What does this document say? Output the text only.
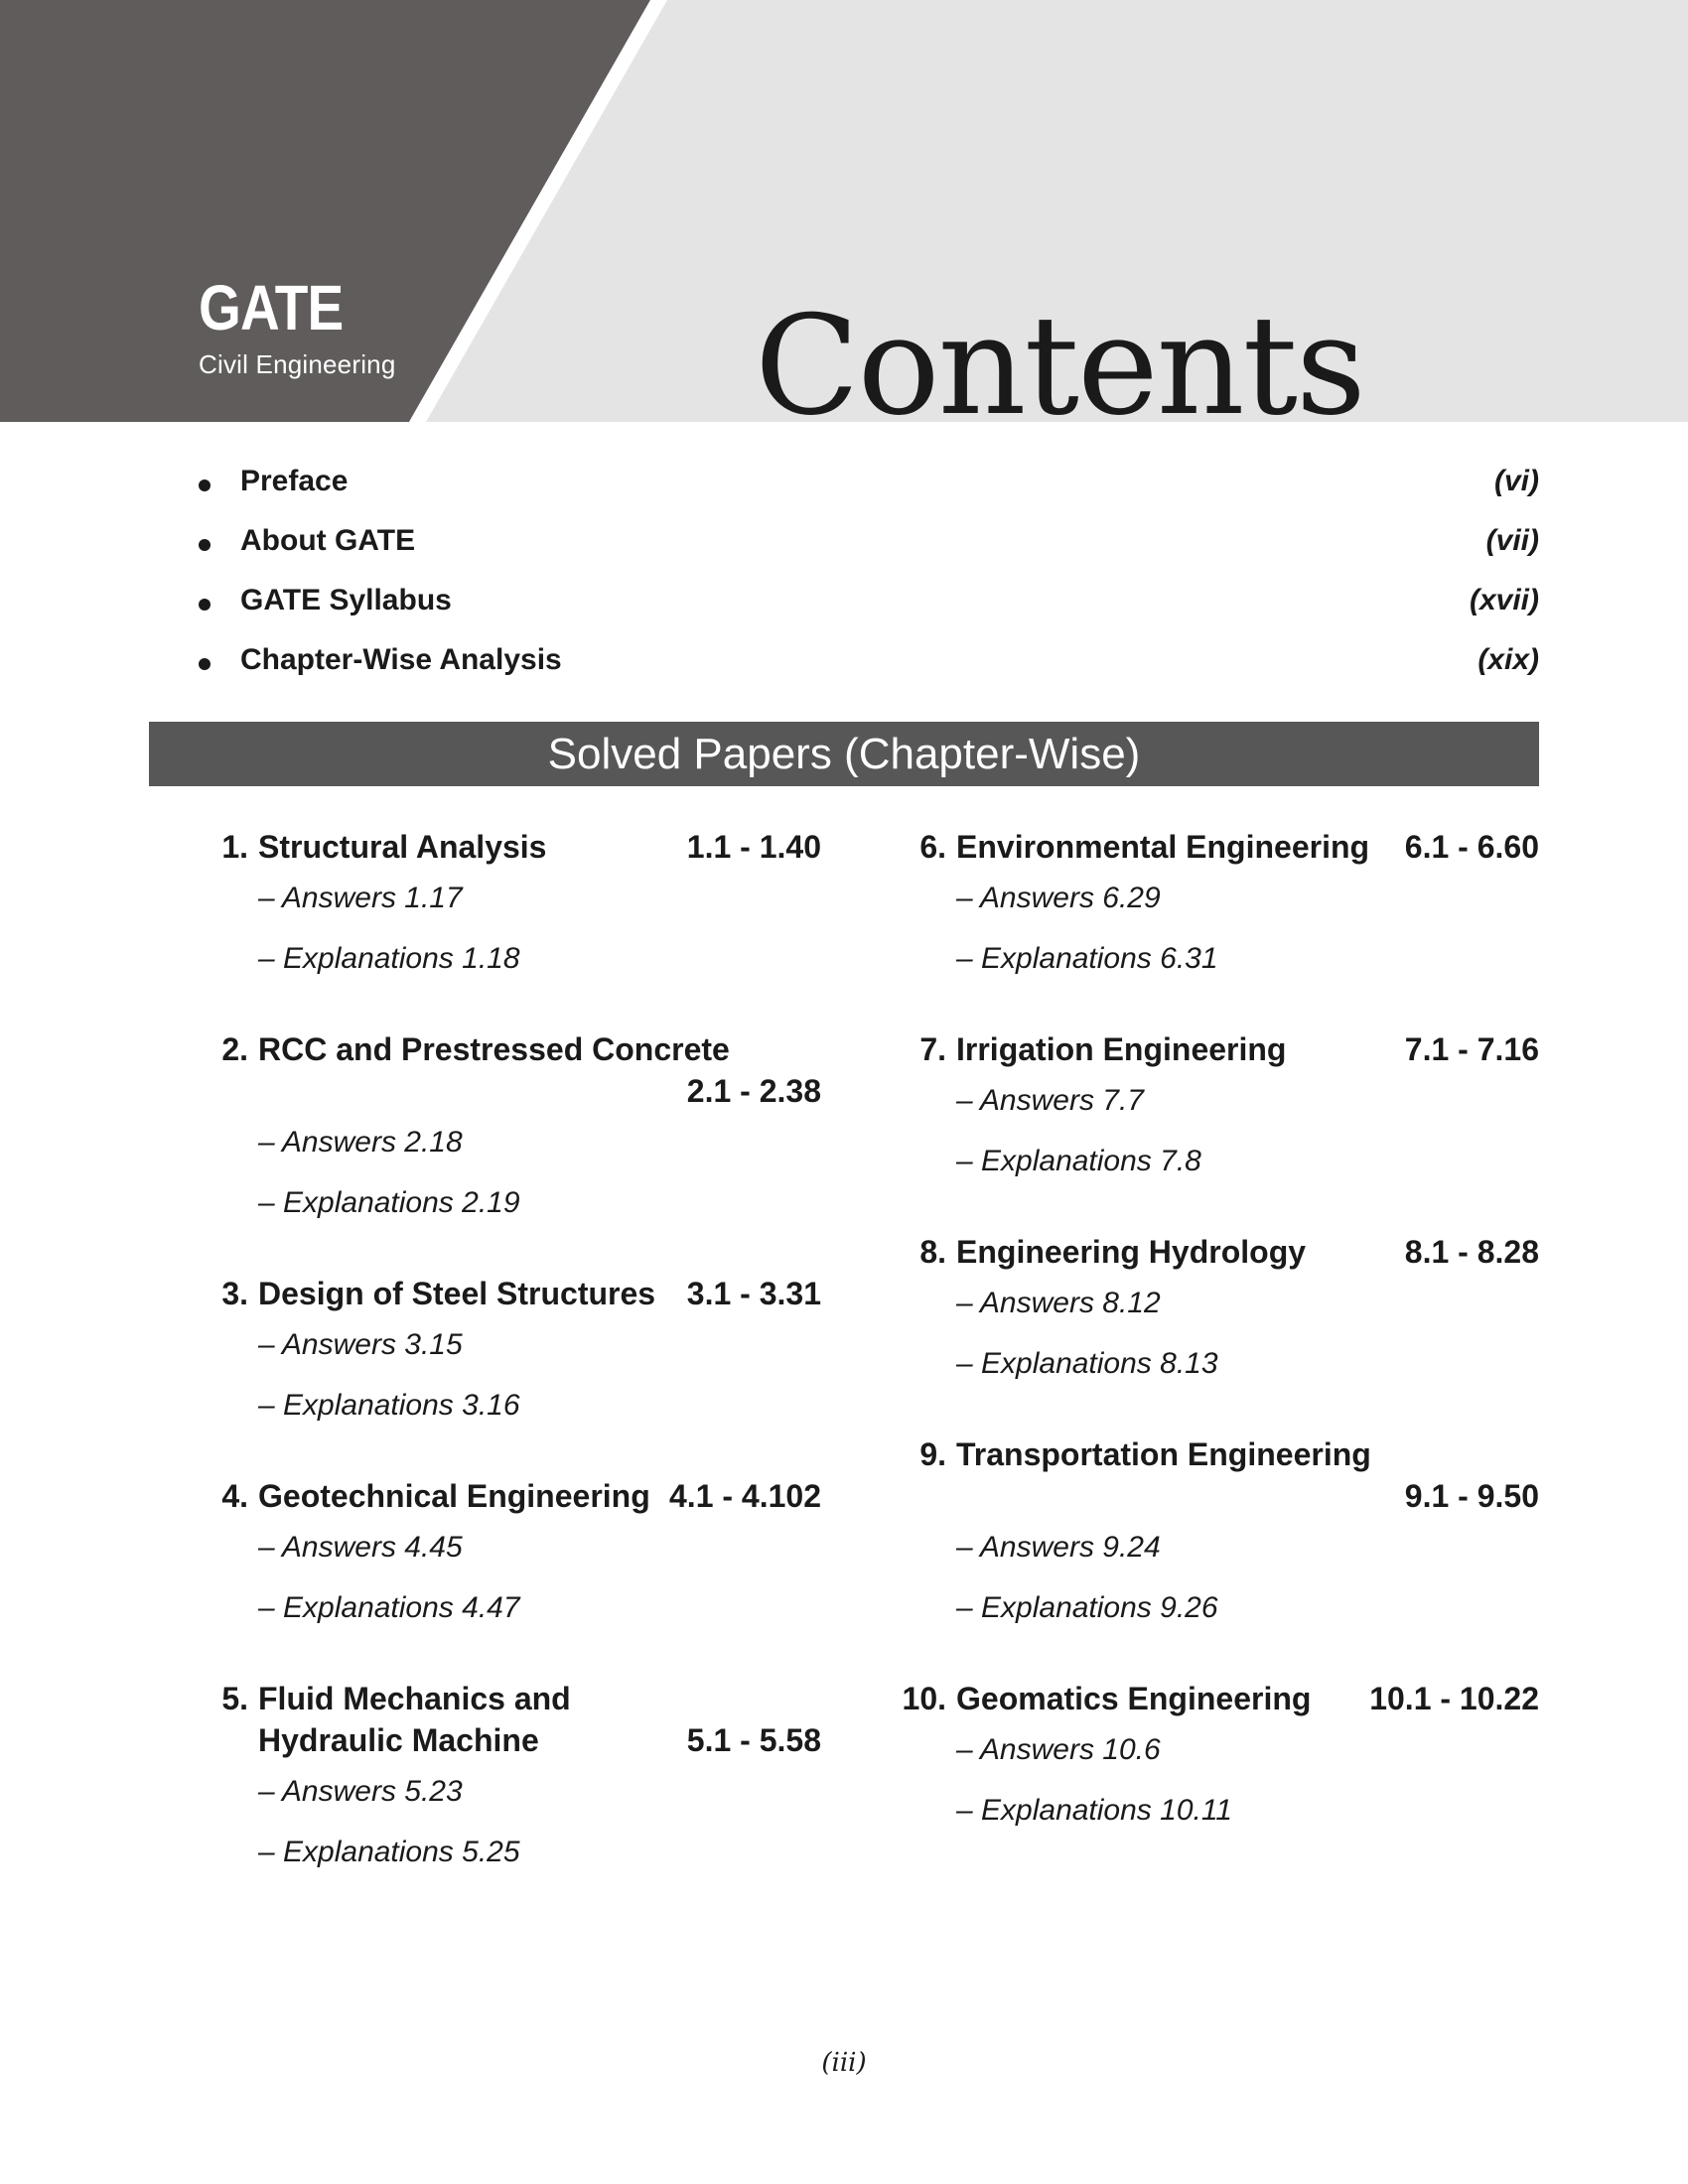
GATE
Civil Engineering	Contents
Preface	(vi)
About GATE	(vii)
GATE Syllabus	(xvii)
Chapter-Wise Analysis	(xix)
Solved Papers (Chapter-Wise)
1. Structural Analysis	1.1 - 1.40
– Answers 1.17
– Explanations 1.18
2. RCC and Prestressed Concrete
2.1 - 2.38
– Answers 2.18
– Explanations 2.19
3. Design of Steel Structures 3.1 - 3.31
– Answers 3.15
– Explanations 3.16
4. Geotechnical Engineering 4.1 - 4.102
– Answers 4.45
– Explanations 4.47
5. Fluid Mechanics and Hydraulic Machine	5.1 - 5.58
– Answers 5.23
– Explanations 5.25
6. Environmental Engineering	6.1 - 6.60
– Answers 6.29
– Explanations 6.31
7. Irrigation Engineering	7.1 - 7.16
– Answers 7.7
– Explanations 7.8
8. Engineering Hydrology	8.1 - 8.28
– Answers 8.12
– Explanations 8.13
9. Transportation Engineering
9.1 - 9.50
– Answers 9.24
– Explanations 9.26
10. Geomatics Engineering	10.1 - 10.22
– Answers 10.6
– Explanations 10.11
(iii)
